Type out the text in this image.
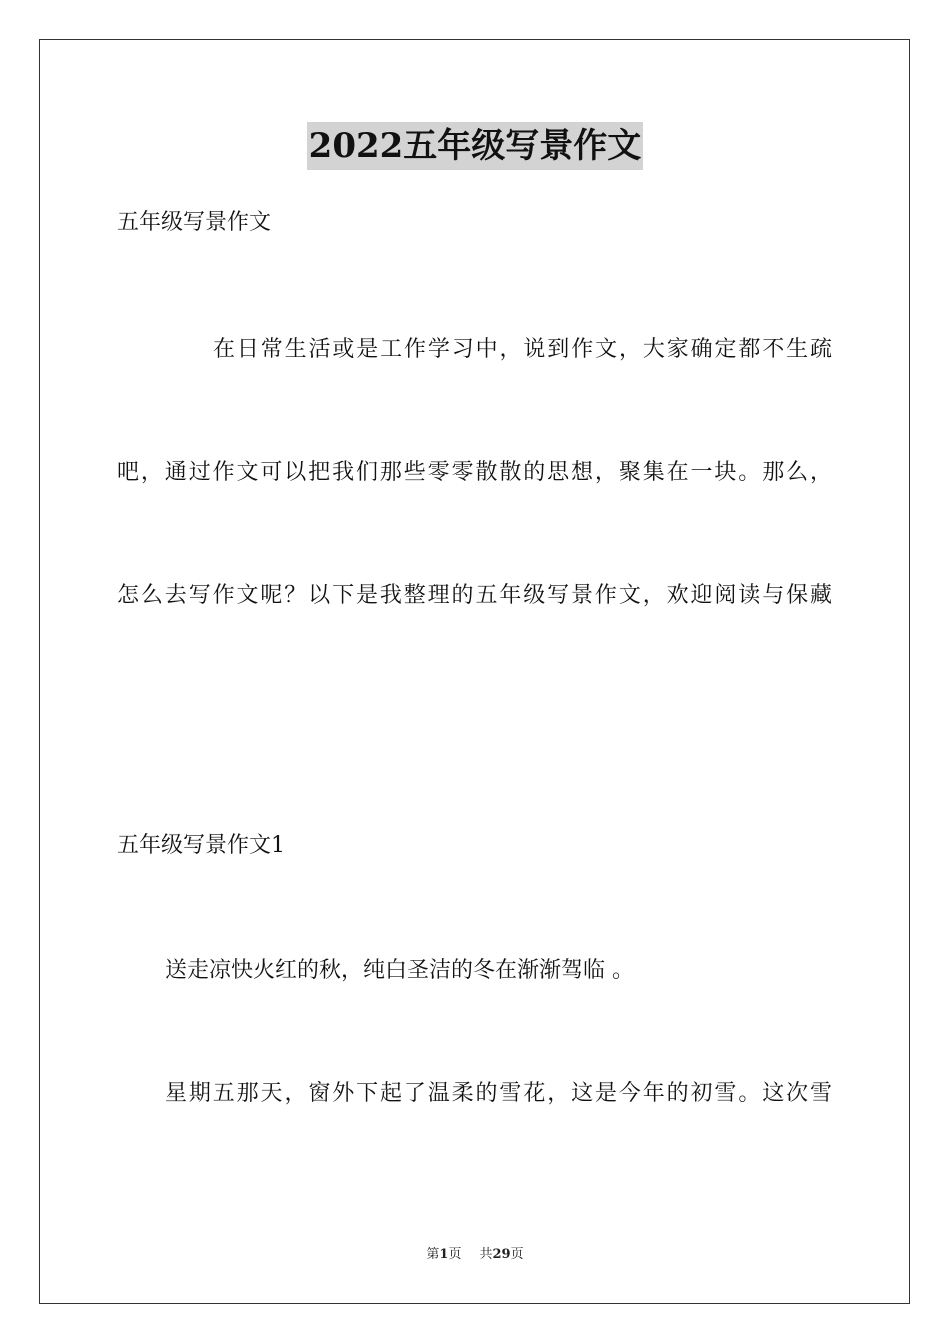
2022五年级写景作文
五年级写景作文
在日常生活或是工作学习中，说到作文，大家确定都不生疏
吧，通过作文可以把我们那些零零散散的思想，聚集在一块。那么，
怎么去写作文呢？以下是我整理的五年级写景作文，欢迎阅读与保藏
五年级写景作文1
送走凉快火红的秋，纯白圣洁的冬在渐渐驾临 。
星期五那天，窗外下起了温柔的雪花，这是今年的初雪。这次雪
第1页 共29页
